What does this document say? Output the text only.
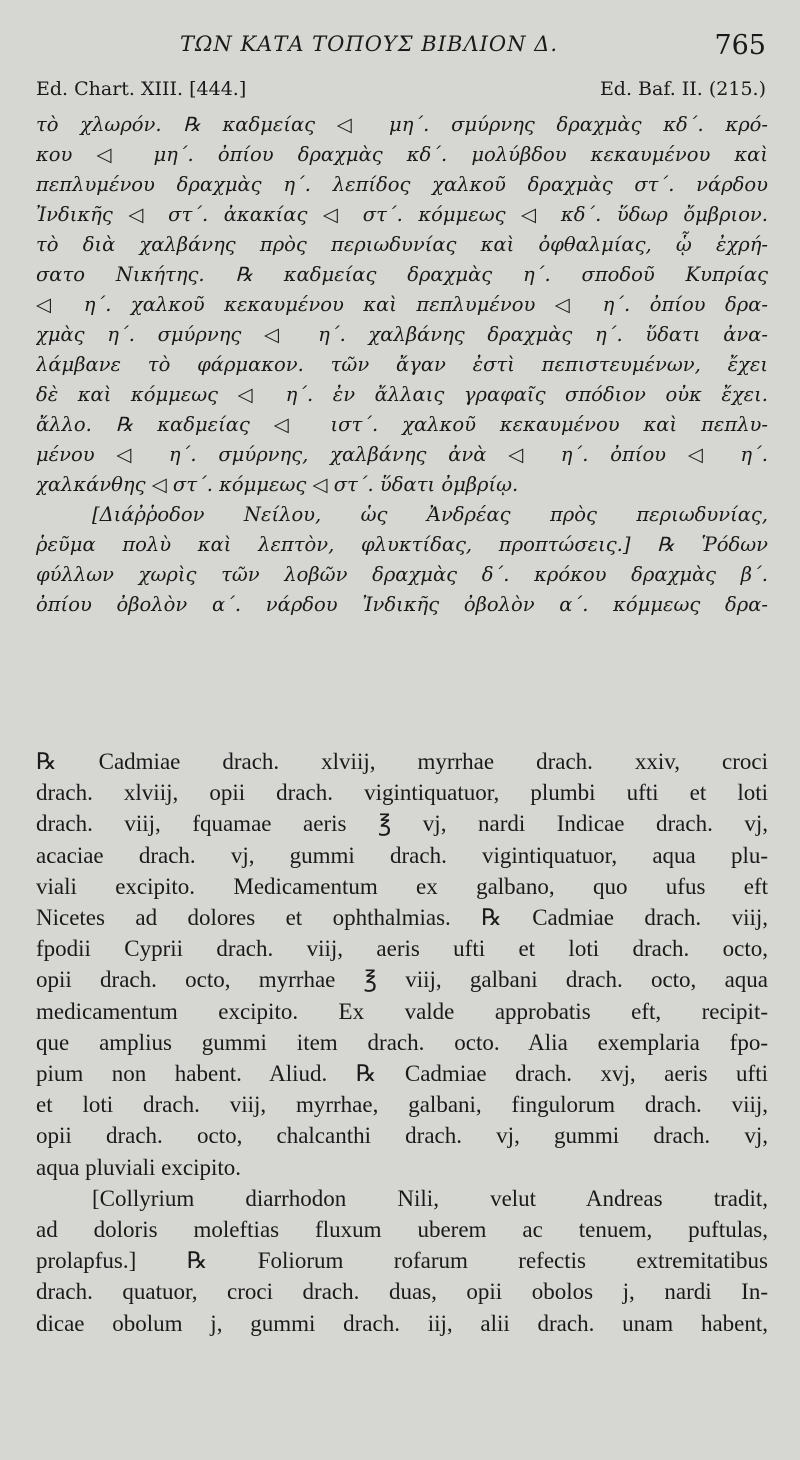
ΤΩΝ ΚΑΤΑ ΤΟΠΟΥΣ ΒΙΒΛΙΟΝ Δ.	765
Ed. Chart. XIII. [444.]	Ed. Baf. II. (215.)
τὸ χλωρόν. ℞ καδμείας ◁ μη΄. σμύρνης δραχμὰς κδ΄. κρό-
κου ◁ μη΄. ὀπίου δραχμὰς κδ΄. μολύβδου κεκαυμένου καὶ
πεπλυμένου δραχμὰς η΄. λεπίδος χαλκοῦ δραχμὰς στ΄. νάρδου
Ἰνδικῆς ◁ στ΄. ἀκακίας ◁ στ΄. κόμμεως ◁ κδ΄. ὕδωρ ὄμβριον.
τὸ διὰ χαλβάνης πρὸς περιωδυνίας καὶ ὀφθαλμίας, ᾧ ἐχρή-
σατο Νικήτης. ℞ καδμείας δραχμὰς η΄. σποδοῦ Κυπρίας
◁ η΄. χαλκοῦ κεκαυμένου καὶ πεπλυμένου ◁ η΄. ὀπίου δρα-
χμὰς η΄. σμύρνης ◁ η΄. χαλβάνης δραχμὰς η΄. ὕδατι ἀνα-
λάμβανε τὸ φάρμακον. τῶν ἄγαν ἐστὶ πεπιστευμένων, ἔχει
δὲ καὶ κόμμεως ◁ η΄. ἐν ἄλλαις γραφαῖς σπόδιον οὐκ ἔχει.
ἄλλο. ℞ καδμείας ◁ ιστ΄. χαλκοῦ κεκαυμένου καὶ πεπλυ-
μένου ◁ η΄. σμύρνης, χαλβάνης ἀνὰ ◁ η΄. ὀπίου ◁ η΄.
χαλκάνθης ◁ στ΄. κόμμεως ◁ στ΄. ὕδατι ὀμβρίῳ.
[Διάῤῥοδον Νείλου, ὡς Ἀνδρέας πρὸς περιωδυνίας,
ῥεῦμα πολὺ καὶ λεπτὸν, φλυκτίδας, προπτώσεις.] ℞ Ῥόδων
φύλλων χωρὶς τῶν λοβῶν δραχμὰς δ΄. κρόκου δραχμὰς β΄.
ὀπίου ὀβολὸν α΄. νάρδου Ἰνδικῆς ὀβολὸν α΄. κόμμεως δρα-
℞ Cadmiae drach. xlviij, myrrhae drach. xxiv, croci
drach. xlviij, opii drach. vigintiquatuor, plumbi ufti et loti
drach. viij, fquamae aeris ℥ vj, nardi Indicae drach. vj,
acaciae drach. vj, gummi drach. vigintiquatuor, aqua plu-
viali excipito. Medicamentum ex galbano, quo ufus eft
Nicetes ad dolores et ophthalmias. ℞ Cadmiae drach. viij,
fpodii Cyprii drach. viij, aeris ufti et loti drach. octo,
opii drach. octo, myrrhae ℥ viij, galbani drach. octo, aqua
medicamentum excipito. Ex valde approbatis eft, recipit-
que amplius gummi item drach. octo. Alia exemplaria fpo-
pium non habent. Aliud. ℞ Cadmiae drach. xvj, aeris ufti
et loti drach. viij, myrrhae, galbani, fingulorum drach. viij,
opii drach. octo, chalcanthi drach. vj, gummi drach. vj,
aqua pluviali excipito.
[Collyrium diarrhodon Nili, velut Andreas tradit,
ad doloris moleftias fluxum uberem ac tenuem, puftulas,
prolapfus.] ℞ Foliorum rofarum refectis extremitatibus
drach. quatuor, croci drach. duas, opii obolos j, nardi In-
dicae obolum j, gummi drach. iij, alii drach. unam habent,
